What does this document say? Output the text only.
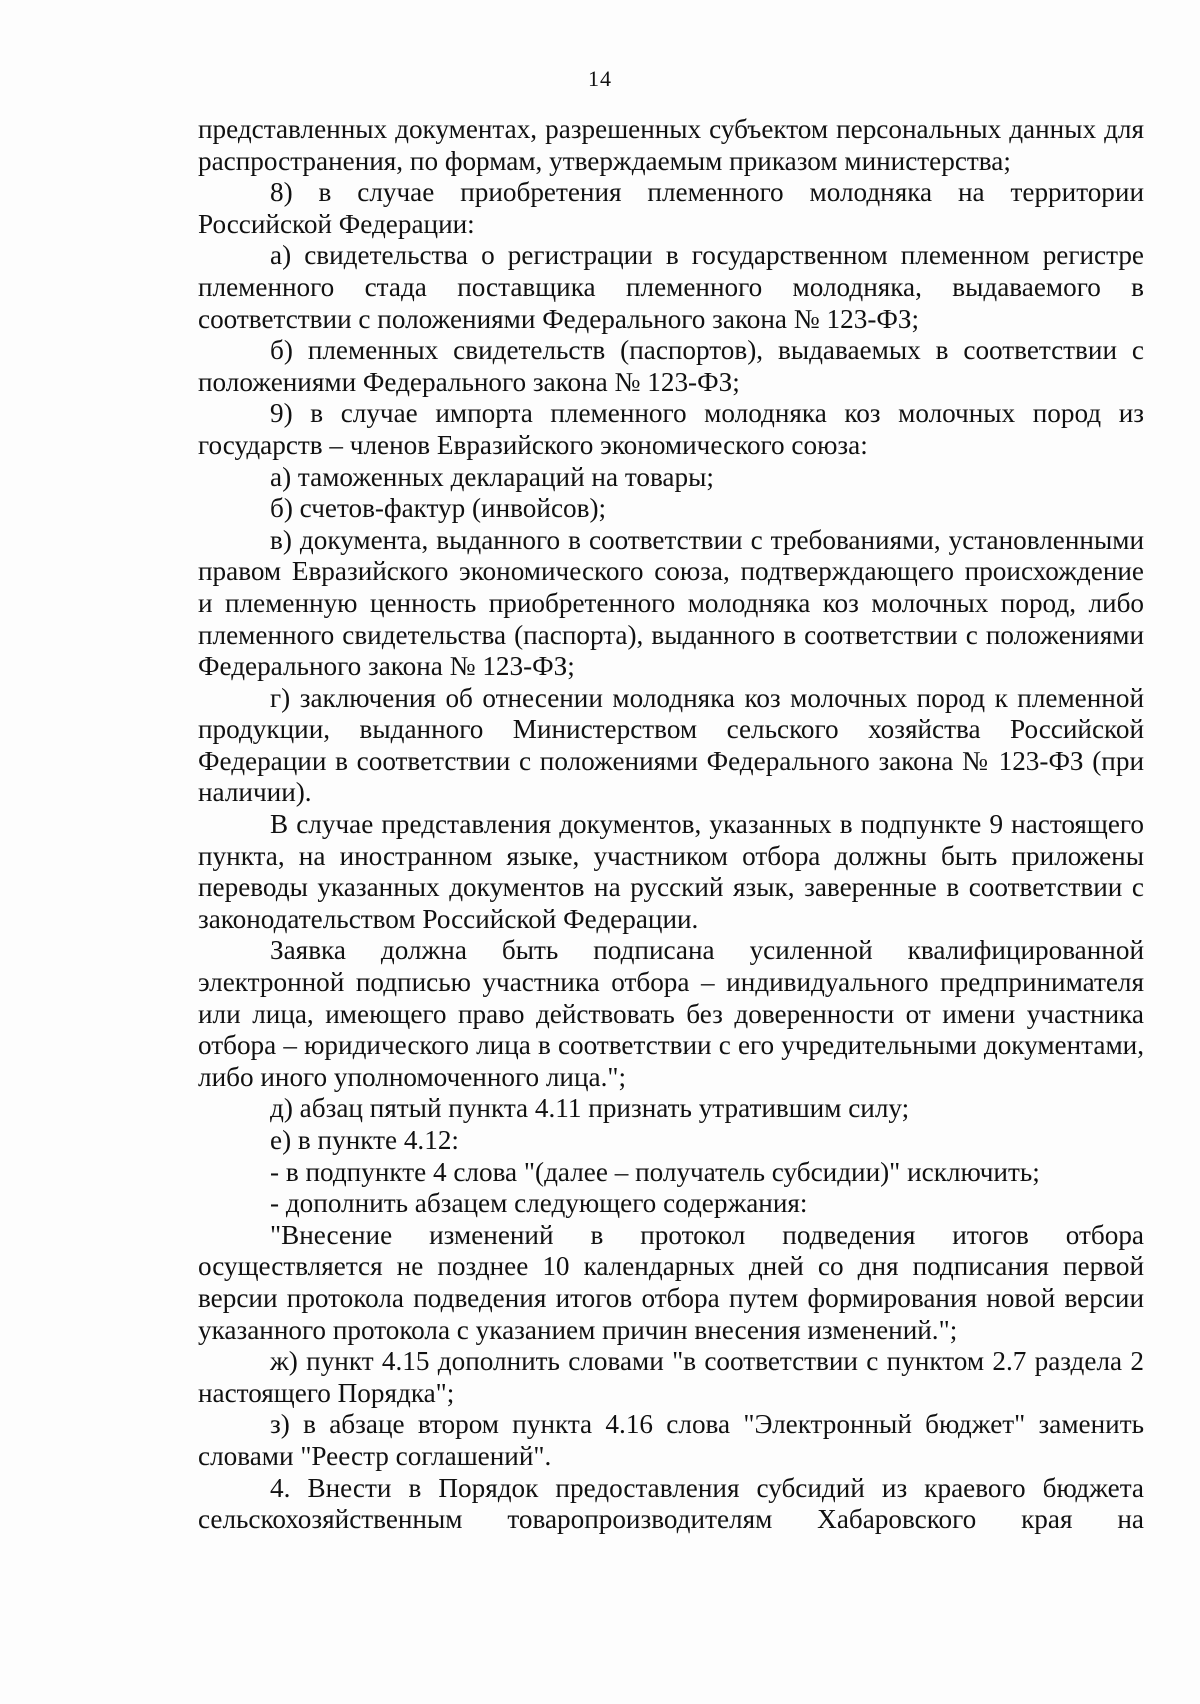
14

представленных документах, разрешенных субъектом персональных данных для распространения, по формам, утверждаемым приказом министерства;

8) в случае приобретения племенного молодняка на территории Российской Федерации:

а) свидетельства о регистрации в государственном племенном регистре племенного стада поставщика племенного молодняка, выдаваемого в соответствии с положениями Федерального закона № 123-ФЗ;

б) племенных свидетельств (паспортов), выдаваемых в соответствии с положениями Федерального закона № 123-ФЗ;

9) в случае импорта племенного молодняка коз молочных пород из государств – членов Евразийского экономического союза:

а) таможенных деклараций на товары;

б) счетов-фактур (инвойсов);

в) документа, выданного в соответствии с требованиями, установленными правом Евразийского экономического союза, подтверждающего происхождение и племенную ценность приобретенного молодняка коз молочных пород, либо племенного свидетельства (паспорта), выданного в соответствии с положениями Федерального закона № 123-ФЗ;

г) заключения об отнесении молодняка коз молочных пород к племенной продукции, выданного Министерством сельского хозяйства Российской Федерации в соответствии с положениями Федерального закона № 123-ФЗ (при наличии).

В случае представления документов, указанных в подпункте 9 настоящего пункта, на иностранном языке, участником отбора должны быть приложены переводы указанных документов на русский язык, заверенные в соответствии с законодательством Российской Федерации.

Заявка должна быть подписана усиленной квалифицированной электронной подписью участника отбора – индивидуального предпринимателя или лица, имеющего право действовать без доверенности от имени участника отбора – юридического лица в соответствии с его учредительными документами, либо иного уполномоченного лица.";

д) абзац пятый пункта 4.11 признать утратившим силу;

е) в пункте 4.12:

- в подпункте 4 слова "(далее – получатель субсидии)" исключить;

- дополнить абзацем следующего содержания:

"Внесение изменений в протокол подведения итогов отбора осуществляется не позднее 10 календарных дней со дня подписания первой версии протокола подведения итогов отбора путем формирования новой версии указанного протокола с указанием причин внесения изменений.";

ж) пункт 4.15 дополнить словами "в соответствии с пунктом 2.7 раздела 2 настоящего Порядка";

з) в абзаце втором пункта 4.16 слова "Электронный бюджет" заменить словами "Реестр соглашений".

4. Внести в Порядок предоставления субсидий из краевого бюджета сельскохозяйственным товаропроизводителям Хабаровского края на
